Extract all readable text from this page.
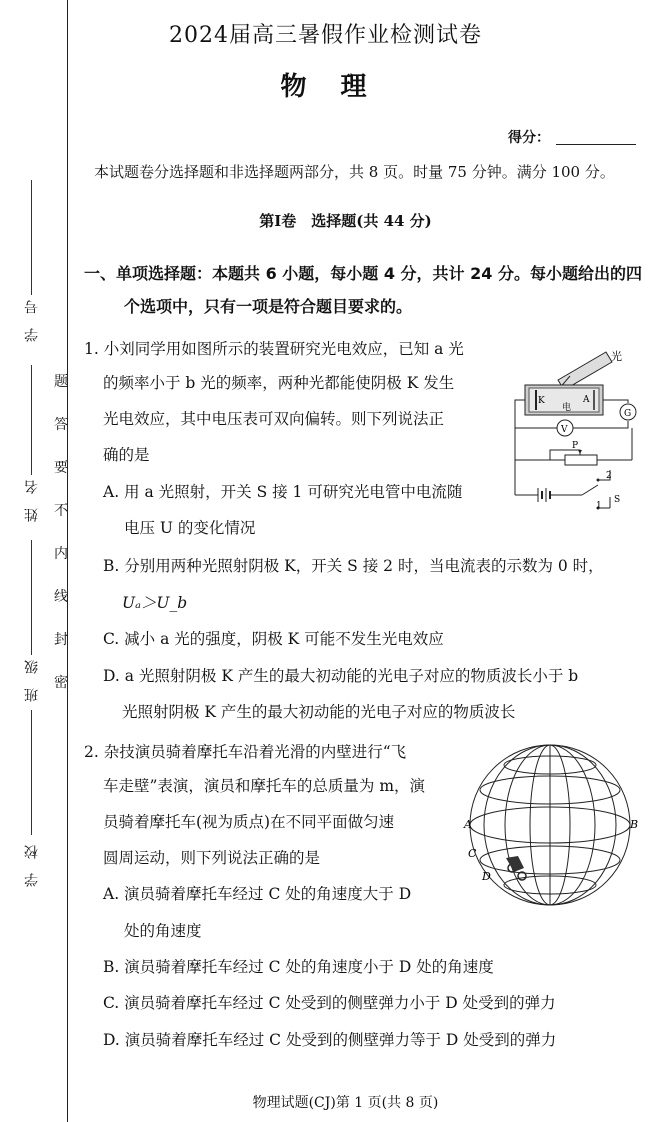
学　号
姓　名
班　级
学　校
题
答
要
不
内
线
封
密
2024届高三暑假作业检测试卷
物　理
得分：
本试题卷分选择题和非选择题两部分，共 8 页。时量 75 分钟。满分 100 分。
第Ⅰ卷　选择题(共 44 分)
一、单项选择题：本题共 6 小题，每小题 4 分，共计 24 分。每小题给出的四
个选项中，只有一项是符合题目要求的。
1. 小刘同学用如图所示的装置研究光电效应，已知 a 光
的频率小于 b 光的频率，两种光都能使阴极 K 发生
光电效应，其中电压表可双向偏转。则下列说法正
确的是
A. 用 a 光照射，开关 S 接 1 可研究光电管中电流随
电压 U 的变化情况
B. 分别用两种光照射阴极 K，开关 S 接 2 时，当电流表的示数为 0 时，
Uₐ＞U_b
C. 减小 a 光的强度，阴极 K 可能不发生光电效应
D. a 光照射阴极 K 产生的最大初动能的光电子对应的物质波长小于 b
光照射阴极 K 产生的最大初动能的光电子对应的物质波长
光
K	A
电
G
V
P
2
1
S
2. 杂技演员骑着摩托车沿着光滑的内壁进行“飞
车走壁”表演，演员和摩托车的总质量为 m，演
员骑着摩托车(视为质点)在不同平面做匀速
圆周运动，则下列说法正确的是
A. 演员骑着摩托车经过 C 处的角速度大于 D
处的角速度
B. 演员骑着摩托车经过 C 处的角速度小于 D 处的角速度
C. 演员骑着摩托车经过 C 处受到的侧壁弹力小于 D 处受到的弹力
D. 演员骑着摩托车经过 C 处受到的侧壁弹力等于 D 处受到的弹力
A	B
C
D
物理试题(CJ)第 1 页(共 8 页)
